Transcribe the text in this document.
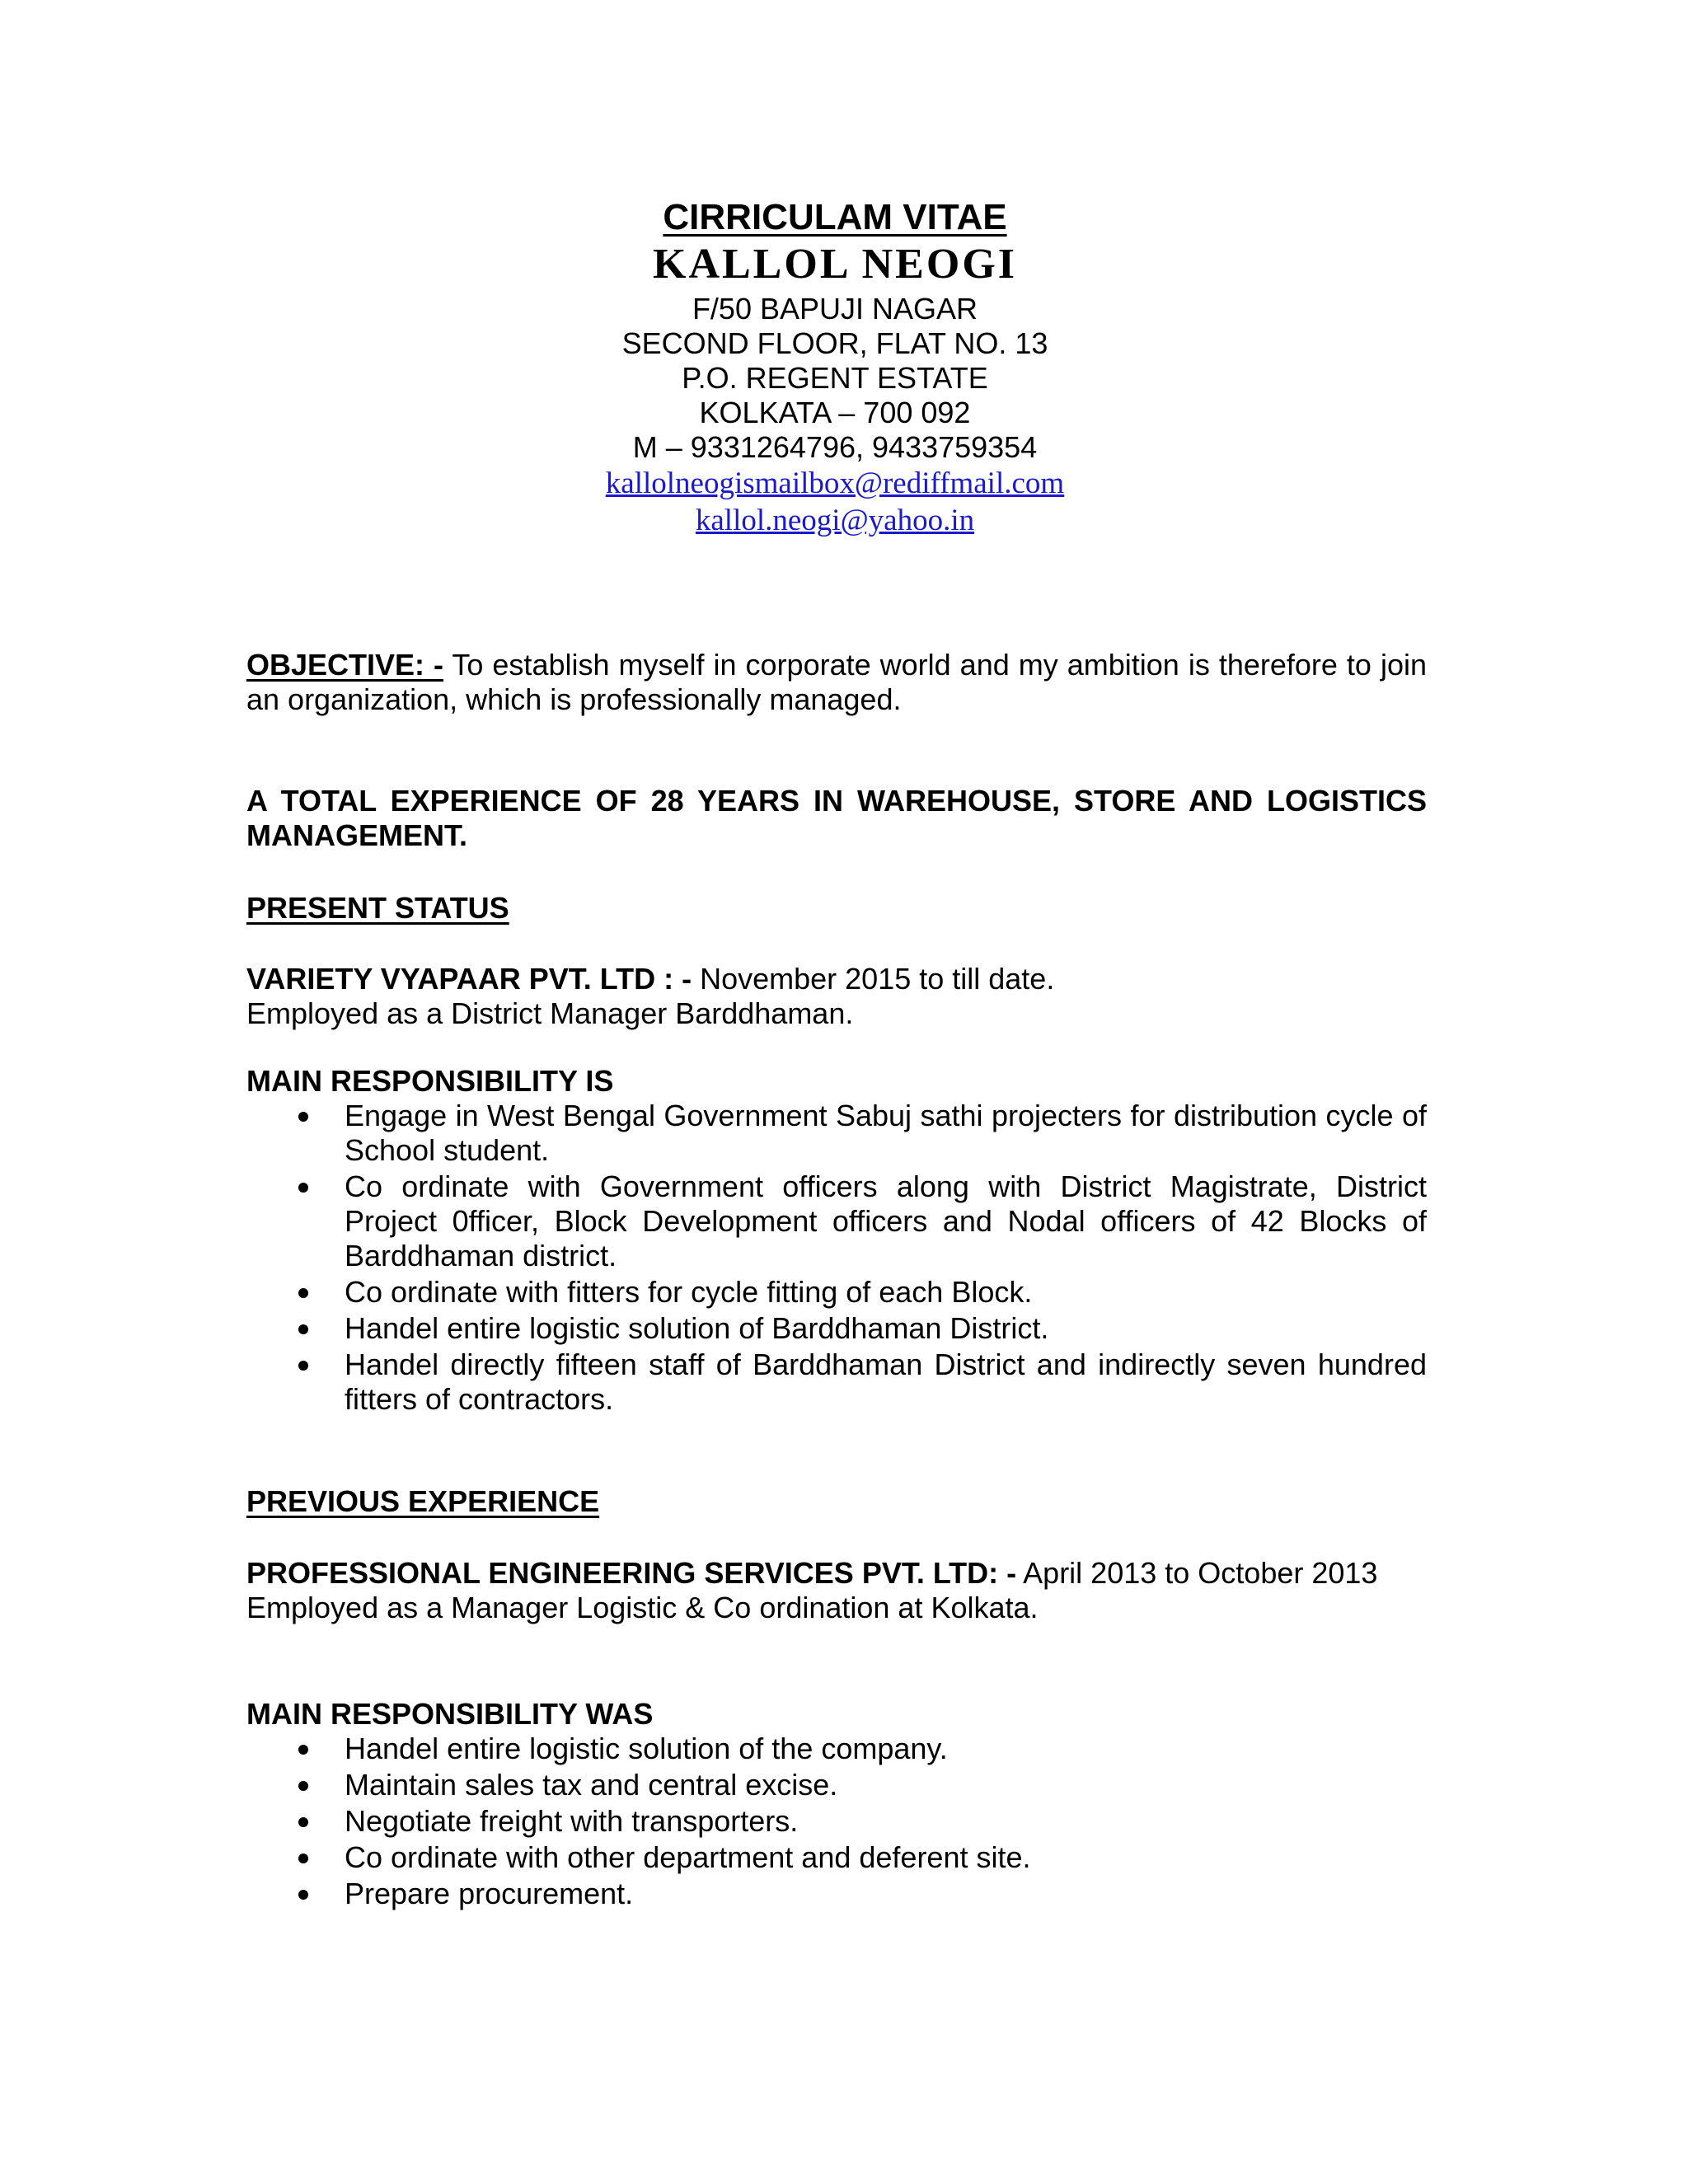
CIRRICULAM VITAE
KALLOL NEOGI
F/50 BAPUJI NAGAR
SECOND FLOOR, FLAT NO. 13
P.O. REGENT ESTATE
KOLKATA – 700 092
M – 9331264796, 9433759354
kallolneogismailbox@rediffmail.com
kallol.neogi@yahoo.in

OBJECTIVE: - To establish myself in corporate world and my ambition is therefore to join an organization, which is professionally managed.

A TOTAL EXPERIENCE OF 28 YEARS IN WAREHOUSE, STORE AND LOGISTICS MANAGEMENT.

PRESENT STATUS

VARIETY VYAPAAR PVT. LTD : - November 2015 to till date.

Employed as a District Manager Barddhaman.

MAIN RESPONSIBILITY IS

Engage in West Bengal Government Sabuj sathi projecters for distribution cycle of School student.
Co ordinate with Government officers along with District Magistrate, District Project 0fficer, Block Development officers and Nodal officers of 42 Blocks of Barddhaman district.
Co ordinate with fitters for cycle fitting of each Block.
Handel entire logistic solution of Barddhaman District.
Handel directly fifteen staff of Barddhaman District and indirectly seven hundred fitters of contractors.

PREVIOUS EXPERIENCE

PROFESSIONAL ENGINEERING SERVICES PVT. LTD: - April 2013 to October 2013

Employed as a Manager Logistic & Co ordination at Kolkata.

MAIN RESPONSIBILITY WAS

Handel entire logistic solution of the company.
Maintain sales tax and central excise.
Negotiate freight with transporters.
Co ordinate with other department and deferent site.
Prepare procurement.
